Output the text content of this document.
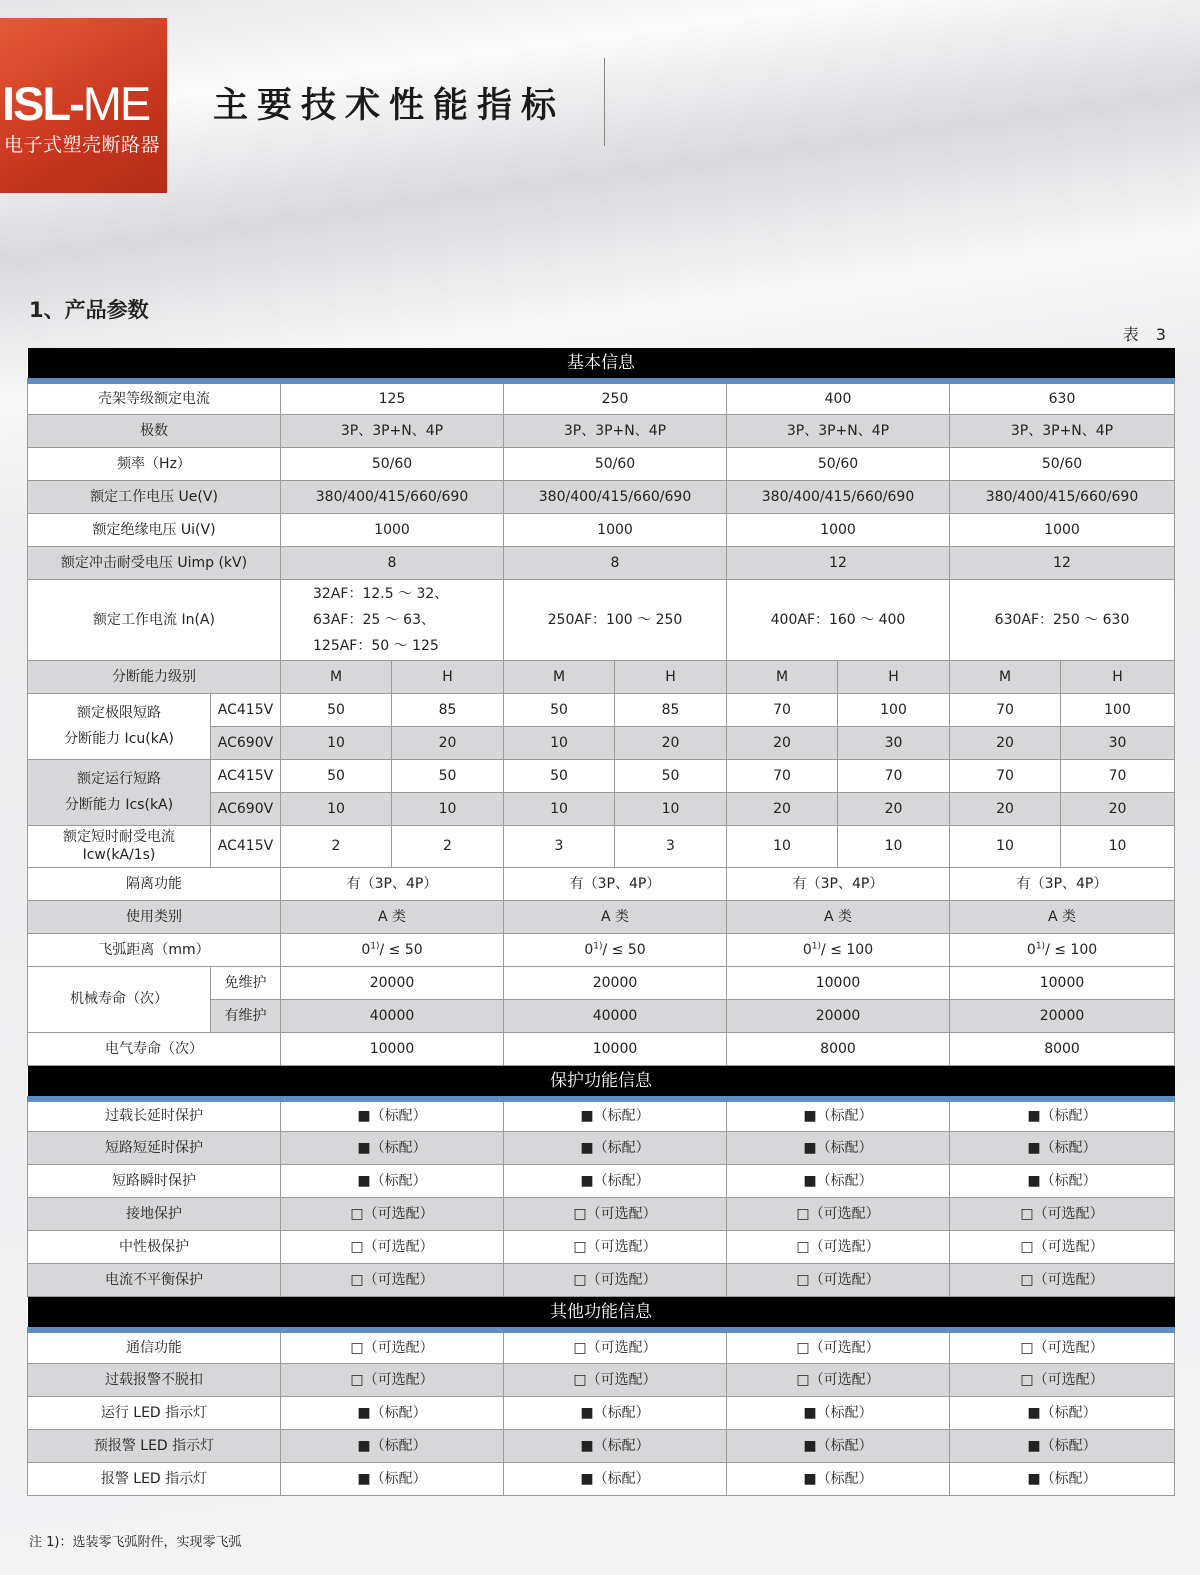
ISL-ME
电子式塑壳断路器
主要技术性能指标
1、产品参数
表 3
基本信息									
壳架等级额定电流		125		250		400		630	
极数		3P、3P+N、4P		3P、3P+N、4P		3P、3P+N、4P		3P、3P+N、4P	
频率（Hz）		50/60		50/60		50/60		50/60	
额定工作电压 Ue(V)		380/400/415/660/690		380/400/415/660/690		380/400/415/660/690		380/400/415/660/690	
额定绝缘电压 Ui(V)		1000		1000		1000		1000	
额定冲击耐受电压 Uimp (kV)		8		8		12		12	
额定工作电流 In(A)		32AF：12.5 ～ 32、
63AF：25 ～ 63、
125AF：50 ～ 125		250AF：100 ～ 250		400AF：160 ～ 400		630AF：250 ～ 630	
分断能力级别		M	H	M	H	M	H	M	H

额定极限短路
分断能力 Icu(kA)	AC415V	50	85	50	85	70	100	70	100
	AC690V	10	20	10	20	20	30	20	30

额定运行短路
分断能力 Ics(kA)	AC415V	50	50	50	50	70	70	70	70
	AC690V	10	10	10	10	20	20	20	20

额定短时耐受电流
Icw(kA/1s)	AC415V	2	2	3	3	10	10	10	10
隔离功能		有（3P、4P）		有（3P、4P）		有（3P、4P）		有（3P、4P）	
使用类别		A 类		A 类		A 类		A 类	
飞弧距离（mm）		$0^{1)}/ \le 50$		$0^{1)}/ \le 50$		$0^{1)}/ \le 100$		$0^{1)}/ \le 100$	
机械寿命（次）	免维护	20000		20000		10000		10000	
	有维护	40000		40000		20000		20000	
电气寿命（次）		10000		10000		8000		8000	
保护功能信息									
过载长延时保护		■（标配）		■（标配）		■（标配）		■（标配）	
短路短延时保护		■（标配）		■（标配）		■（标配）		■（标配）	
短路瞬时保护		■（标配）		■（标配）		■（标配）		■（标配）	
接地保护		□（可选配）		□（可选配）		□（可选配）		□（可选配）	
中性极保护		□（可选配）		□（可选配）		□（可选配）		□（可选配）	
电流不平衡保护		□（可选配）		□（可选配）		□（可选配）		□（可选配）	
其他功能信息									
通信功能		□（可选配）		□（可选配）		□（可选配）		□（可选配）	
过载报警不脱扣		□（可选配）		□（可选配）		□（可选配）		□（可选配）	
运行 LED 指示灯		■（标配）		■（标配）		■（标配）		■（标配）	
预报警 LED 指示灯		■（标配）		■（标配）		■（标配）		■（标配）	
报警 LED 指示灯		■（标配）		■（标配）		■（标配）		■（标配）	
注 1)：选装零飞弧附件，实现零飞弧
